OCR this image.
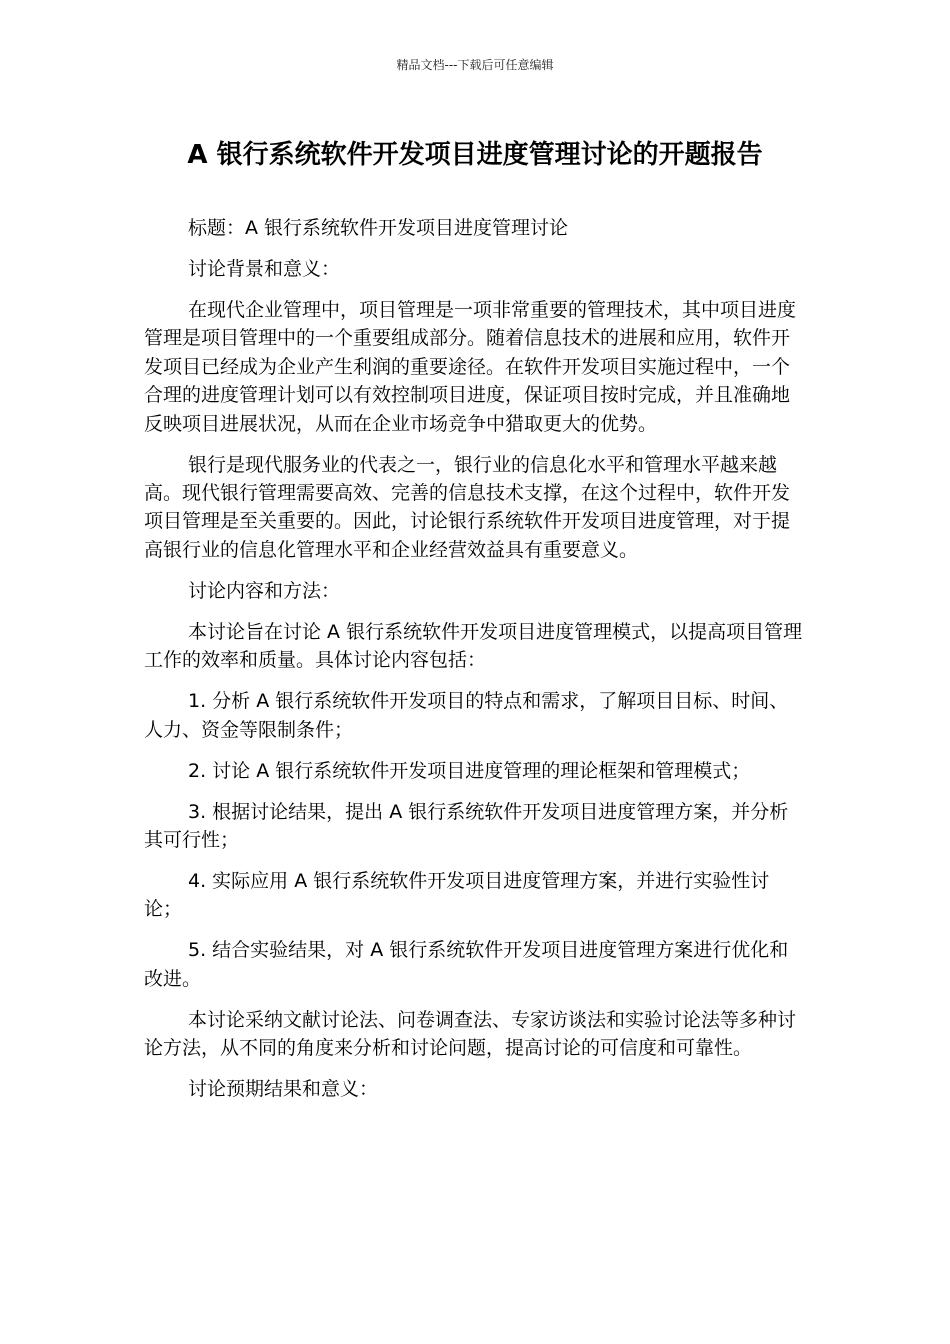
精品文档---下载后可任意编辑
A 银行系统软件开发项目进度管理讨论的开题报告

标题：A 银行系统软件开发项目进度管理讨论

讨论背景和意义：

在现代企业管理中，项目管理是一项非常重要的管理技术，其中项目进度管理是项目管理中的一个重要组成部分。随着信息技术的进展和应用，软件开发项目已经成为企业产生利润的重要途径。在软件开发项目实施过程中，一个合理的进度管理计划可以有效控制项目进度，保证项目按时完成，并且准确地反映项目进展状况，从而在企业市场竞争中猎取更大的优势。

银行是现代服务业的代表之一，银行业的信息化水平和管理水平越来越高。现代银行管理需要高效、完善的信息技术支撑，在这个过程中，软件开发项目管理是至关重要的。因此，讨论银行系统软件开发项目进度管理，对于提高银行业的信息化管理水平和企业经营效益具有重要意义。

讨论内容和方法：

本讨论旨在讨论 A 银行系统软件开发项目进度管理模式，以提高项目管理工作的效率和质量。具体讨论内容包括：

1. 分析 A 银行系统软件开发项目的特点和需求，了解项目目标、时间、人力、资金等限制条件；

2. 讨论 A 银行系统软件开发项目进度管理的理论框架和管理模式；

3. 根据讨论结果，提出 A 银行系统软件开发项目进度管理方案，并分析其可行性；

4. 实际应用 A 银行系统软件开发项目进度管理方案，并进行实验性讨论；

5. 结合实验结果，对 A 银行系统软件开发项目进度管理方案进行优化和改进。

本讨论采纳文献讨论法、问卷调查法、专家访谈法和实验讨论法等多种讨论方法，从不同的角度来分析和讨论问题，提高讨论的可信度和可靠性。

讨论预期结果和意义：
